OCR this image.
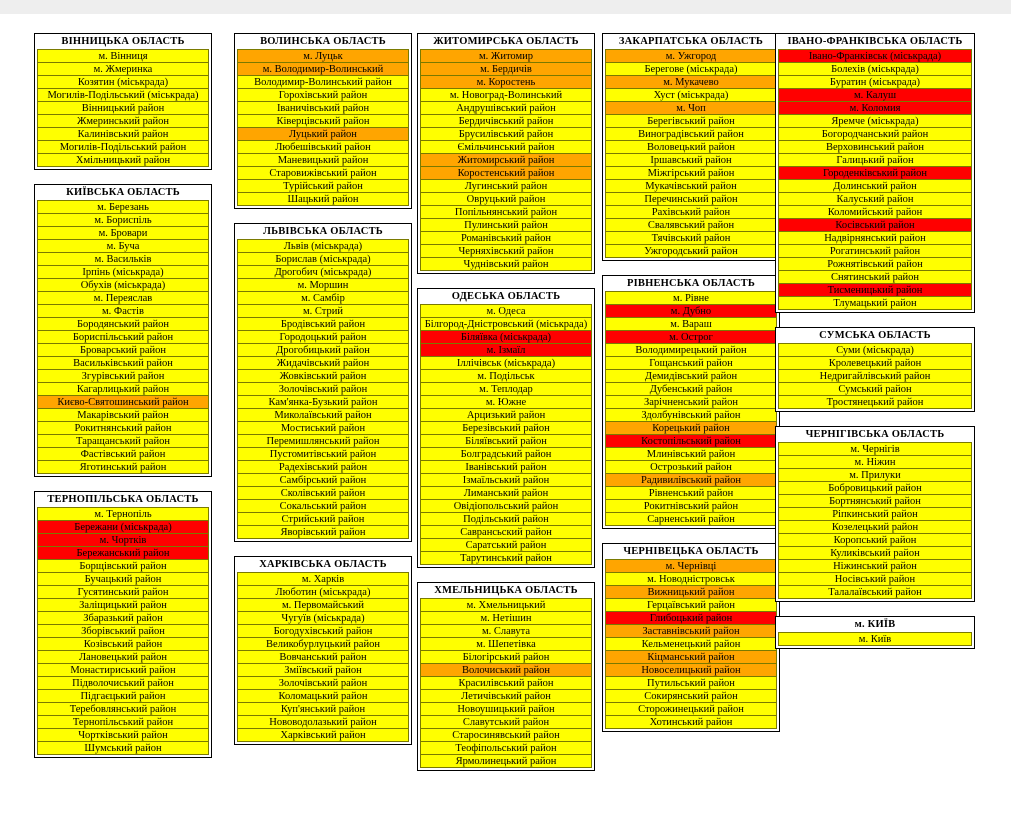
ВІННИЦЬКА ОБЛАСТЬ
м. Вінниця
м. Жмеринка
Козятин (міськрада)
Могилів-Подільський (міськрада)
Вінницький район
Жмеринський район
Калинівський район
Могилів-Подільський район
Хмільницький район
КИЇВСЬКА ОБЛАСТЬ
м. Березань
м. Бориспіль
м. Бровари
м. Буча
м. Васильків
Ірпінь (міськрада)
Обухів (міськрада)
м. Переяслав
м. Фастів
Бородянський район
Бориспільський район
Броварський район
Васильківський район
Згурівський район
Кагарлицький район
Києво-Святошинський район
Макарівський район
Рокитнянський район
Таращанський район
Фастівський район
Яготинський район
ТЕРНОПІЛЬСЬКА ОБЛАСТЬ
м. Тернопіль
Бережани (міськрада)
м. Чортків
Бережанський район
Борщівський район
Бучацький район
Гусятинський район
Заліщицький район
Збаразький район
Зборівський район
Козівський район
Лановецький район
Монастириський район
Підволочиський район
Підгаєцький район
Теребовлянський район
Тернопільський район
Чортківський район
Шумський район
ВОЛИНСЬКА ОБЛАСТЬ
м. Луцьк
м. Володимир-Волинський
Володимир-Волинський район
Горохівський район
Іваничівський район
Ківерцівський район
Луцький район
Любешівський район
Маневицький район
Старовижівський район
Турійський район
Шацький район
ЛЬВІВСЬКА ОБЛАСТЬ
Львів (міськрада)
Борислав (міськрада)
Дрогобич (міськрада)
м. Моршин
м. Самбір
м. Стрий
Бродівський район
Городоцький район
Дрогобицький район
Жидачівський район
Жовківський район
Золочівський район
Кам'янка-Бузький район
Миколаївський район
Мостиський район
Перемишлянський район
Пустомитівський район
Радехівський район
Самбірський район
Сколівський район
Сокальський район
Стрийський район
Яворівський район
ХАРКІВСЬКА ОБЛАСТЬ
м. Харків
Люботин (міськрада)
м. Первомайський
Чугуїв (міськрада)
Богодухівський район
Великобурлуцький район
Вовчанський район
Зміївський район
Золочівський район
Коломацький район
Куп'янський район
Нововодолазький район
Харківський район
ЖИТОМИРСЬКА ОБЛАСТЬ
м. Житомир
м. Бердичів
м. Коростень
м. Новоград-Волинський
Андрушівський район
Бердичівський район
Брусилівський район
Ємільчинський район
Житомирський район
Коростенський район
Лугинський район
Овруцький район
Попільнянський район
Пулинський район
Романівський район
Черняхівський район
Чуднівський район
ОДЕСЬКА ОБЛАСТЬ
м. Одеса
Білгород-Дністровський (міськрада)
Біляївка (міськрада)
м. Ізмаїл
Іллічівськ (міськрада)
м. Подільськ
м. Теплодар
м. Южне
Арцизький район
Березівський район
Біляївський район
Болградський район
Іванівський район
Ізмаїльський район
Лиманський район
Овідіопольський район
Подільський район
Саврансьский район
Саратський район
Тарутинський район
ХМЕЛЬНИЦЬКА ОБЛАСТЬ
м. Хмельницький
м. Нетішин
м. Славута
м. Шепетівка
Білогірський район
Волочиський район
Красилівський район
Летичівський район
Новоушицький район
Славутський район
Старосинявський район
Теофіпольський район
Ярмолинецький район
ЗАКАРПАТСЬКА ОБЛАСТЬ
м. Ужгород
Берегове (міськрада)
м. Мукачево
Хуст (міськрада)
м. Чоп
Берегівський район
Виноградівський район
Воловецький район
Іршавський район
Міжгірський район
Мукачівський район
Перечинський район
Рахівський район
Свалявський район
Тячівський район
Ужгородський район
РІВНЕНСЬКА ОБЛАСТЬ
м. Рівне
м. Дубно
м. Вараш
м. Острог
Володимирецький район
Гощанський район
Демидівський район
Дубенський район
Зарічненський район
Здолбунівський район
Корецький район
Костопільський район
Млинівський район
Острозький район
Радивилівський район
Рівненський район
Рокитнівський район
Сарненський район
ЧЕРНІВЕЦЬКА ОБЛАСТЬ
м. Чернівці
м. Новодністровськ
Вижницький район
Герцаївський район
Глибоцький район
Заставнівський район
Кельменецький район
Кіцманський район
Новоселицький район
Путильський район
Сокирянський район
Сторожинецький район
Хотинський район
ІВАНО-ФРАНКІВСЬКА ОБЛАСТЬ
Івано-Франківськ (міськрада)
Болехів (міськрада)
Буратин (міськрада)
м. Калуш
м. Коломия
Яремче (міськрада)
Богородчанський район
Верховинський район
Галицький район
Городенківський район
Долинський район
Калуський район
Коломийський район
Косівський район
Надвірнянський район
Рогатинський район
Рожнятівський район
Снятинський район
Тисменицький район
Тлумацький район
СУМСЬКА ОБЛАСТЬ
Суми (міськрада)
Кролевецький район
Недригайлівський район
Сумський район
Тростянецький район
ЧЕРНІГІВСЬКА ОБЛАСТЬ
м. Чернігів
м. Ніжин
м. Прилуки
Бобровицький район
Бортнянський район
Ріпкинський район
Козелецький район
Коропський район
Куликівський район
Ніжинський район
Носівський район
Талалаївський район
м. КИЇВ
м. Київ
